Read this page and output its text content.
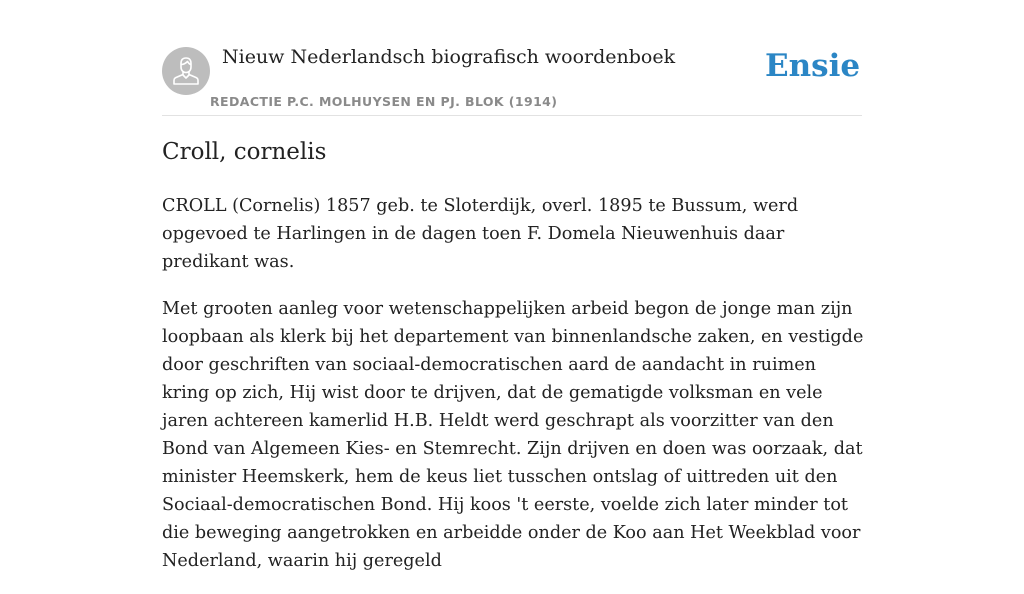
Nieuw Nederlandsch biografisch woordenboek
REDACTIE P.C. MOLHUYSEN EN PJ. BLOK (1914)
Ensie
Croll, cornelis

CROLL (Cornelis) 1857 geb. te Sloterdijk, overl. 1895 te Bussum, werd opgevoed te Harlingen in de dagen toen F. Domela Nieuwenhuis daar predikant was.

Met grooten aanleg voor wetenschappelijken arbeid begon de jonge man zijn loopbaan als klerk bij het departement van binnenlandsche zaken, en vestigde door geschriften van sociaal-democratischen aard de aandacht in ruimen kring op zich, Hij wist door te drijven, dat de gematigde volksman en vele jaren achtereen kamerlid H.B. Heldt werd geschrapt als voorzitter van den Bond van Algemeen Kies- en Stemrecht. Zijn drijven en doen was oorzaak, dat minister Heemskerk, hem de keus liet tusschen ontslag of uittreden uit den Sociaal-democratischen Bond. Hij koos 't eerste, voelde zich later minder tot die beweging aangetrokken en arbeidde onder de Koo aan Het Weekblad voor Nederland, waarin hij geregeld
